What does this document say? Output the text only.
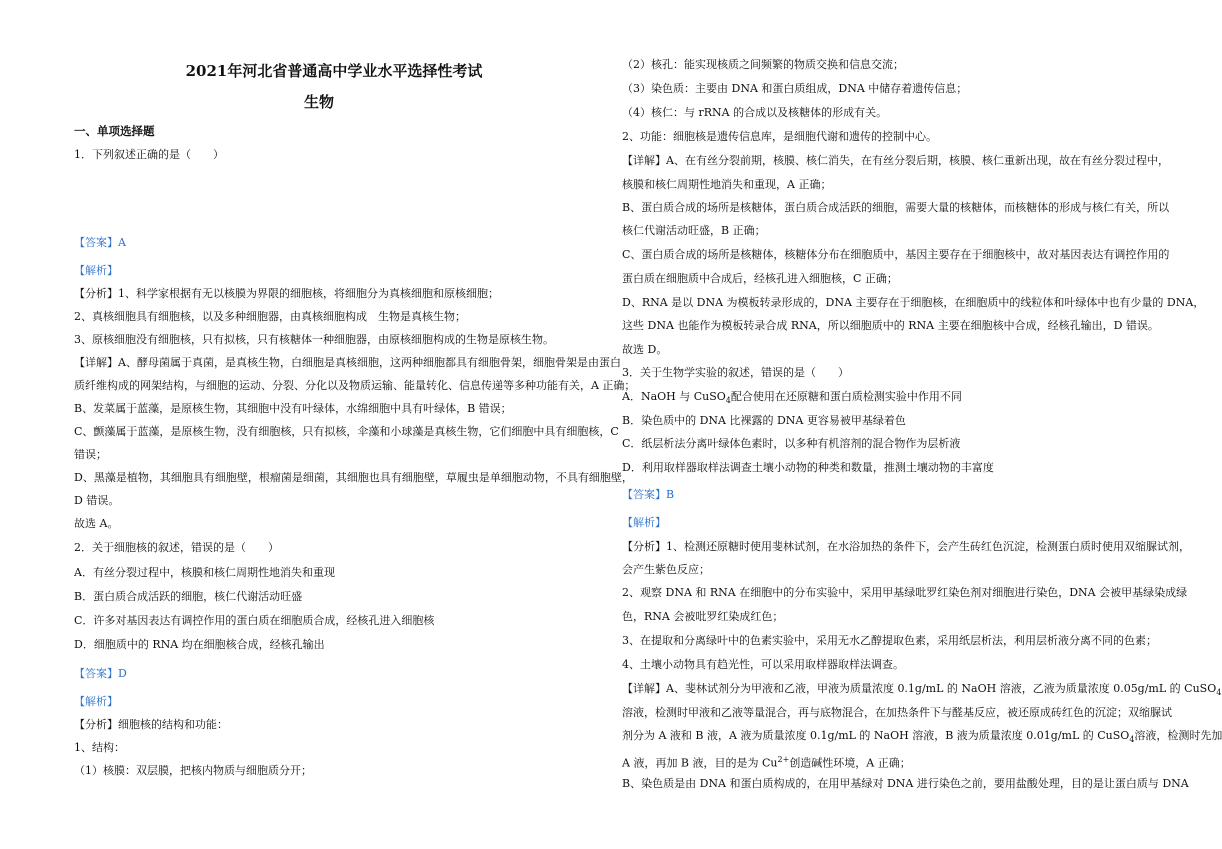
2021年河北省普通高中学业水平选择性考试
生物
一、单项选择题
1．下列叙述正确的是（　　）
【答案】A
【解析】
【分析】1、科学家根据有无以核膜为界限的细胞核，将细胞分为真核细胞和原核细胞；
2、真核细胞具有细胞核，以及多种细胞器，由真核细胞构成　生物是真核生物；
3、原核细胞没有细胞核，只有拟核，只有核糖体一种细胞器，由原核细胞构成的生物是原核生物。
【详解】A、酵母菌属于真菌，是真核生物，白细胞是真核细胞，这两种细胞都具有细胞骨架，细胞骨架是由蛋白
质纤维构成的网架结构，与细胞的运动、分裂、分化以及物质运输、能量转化、信息传递等多种功能有关，A 正确；
B、发菜属于蓝藻，是原核生物，其细胞中没有叶绿体，水绵细胞中具有叶绿体，B 错误；
C、颤藻属于蓝藻，是原核生物，没有细胞核，只有拟核，伞藻和小球藻是真核生物，它们细胞中具有细胞核，C
错误；
D、黑藻是植物，其细胞具有细胞壁，根瘤菌是细菌，其细胞也具有细胞壁，草履虫是单细胞动物，不具有细胞壁，
D 错误。
故选 A。
2．关于细胞核的叙述，错误的是（　　）
A．有丝分裂过程中，核膜和核仁周期性地消失和重现
B．蛋白质合成活跃的细胞，核仁代谢活动旺盛
C．许多对基因表达有调控作用的蛋白质在细胞质合成，经核孔进入细胞核
D．细胞质中的 RNA 均在细胞核合成，经核孔输出
【答案】D
【解析】
【分析】细胞核的结构和功能：
1、结构：
（1）核膜：双层膜，把核内物质与细胞质分开；
（2）核孔：能实现核质之间频繁的物质交换和信息交流；
（3）染色质：主要由 DNA 和蛋白质组成，DNA 中储存着遗传信息；
（4）核仁：与 rRNA 的合成以及核糖体的形成有关。
2、功能：细胞核是遗传信息库，是细胞代谢和遗传的控制中心。
【详解】A、在有丝分裂前期，核膜、核仁消失，在有丝分裂后期，核膜、核仁重新出现，故在有丝分裂过程中，
核膜和核仁周期性地消失和重现，A 正确；
B、蛋白质合成的场所是核糖体，蛋白质合成活跃的细胞，需要大量的核糖体，而核糖体的形成与核仁有关，所以
核仁代谢活动旺盛，B 正确；
C、蛋白质合成的场所是核糖体，核糖体分布在细胞质中，基因主要存在于细胞核中，故对基因表达有调控作用的
蛋白质在细胞质中合成后，经核孔进入细胞核，C 正确；
D、RNA 是以 DNA 为模板转录形成的，DNA 主要存在于细胞核，在细胞质中的线粒体和叶绿体中也有少量的 DNA，
这些 DNA 也能作为模板转录合成 RNA，所以细胞质中的 RNA 主要在细胞核中合成，经核孔输出，D 错误。
故选 D。
3．关于生物学实验的叙述，错误的是（　　）
A．NaOH 与 CuSO$_4$配合使用在还原糖和蛋白质检测实验中作用不同
B．染色质中的 DNA 比裸露的 DNA 更容易被甲基绿着色
C．纸层析法分离叶绿体色素时，以多种有机溶剂的混合物作为层析液
D．利用取样器取样法调查土壤小动物的种类和数量，推测土壤动物的丰富度
【答案】B
【解析】
【分析】1、检测还原糖时使用斐林试剂，在水浴加热的条件下，会产生砖红色沉淀，检测蛋白质时使用双缩脲试剂，
会产生紫色反应；
2、观察 DNA 和 RNA 在细胞中的分布实验中，采用甲基绿吡罗红染色剂对细胞进行染色，DNA 会被甲基绿染成绿
色，RNA 会被吡罗红染成红色；
3、在提取和分离绿叶中的色素实验中，采用无水乙醇提取色素，采用纸层析法，利用层析液分离不同的色素；
4、土壤小动物具有趋光性，可以采用取样器取样法调查。
【详解】A、斐林试剂分为甲液和乙液，甲液为质量浓度 0.1g/mL 的 NaOH 溶液，乙液为质量浓度 0.05g/mL 的 CuSO$_4$
溶液，检测时甲液和乙液等量混合，再与底物混合，在加热条件下与醛基反应，被还原成砖红色的沉淀；双缩脲试
剂分为 A 液和 B 液，A 液为质量浓度 0.1g/mL 的 NaOH 溶液，B 液为质量浓度 0.01g/mL 的 CuSO$_4$溶液，检测时先加
A 液，再加 B 液，目的是为 $Cu^{2+}$创造碱性环境，A 正确；
B、染色质是由 DNA 和蛋白质构成的，在用甲基绿对 DNA 进行染色之前，要用盐酸处理，目的是让蛋白质与 DNA
